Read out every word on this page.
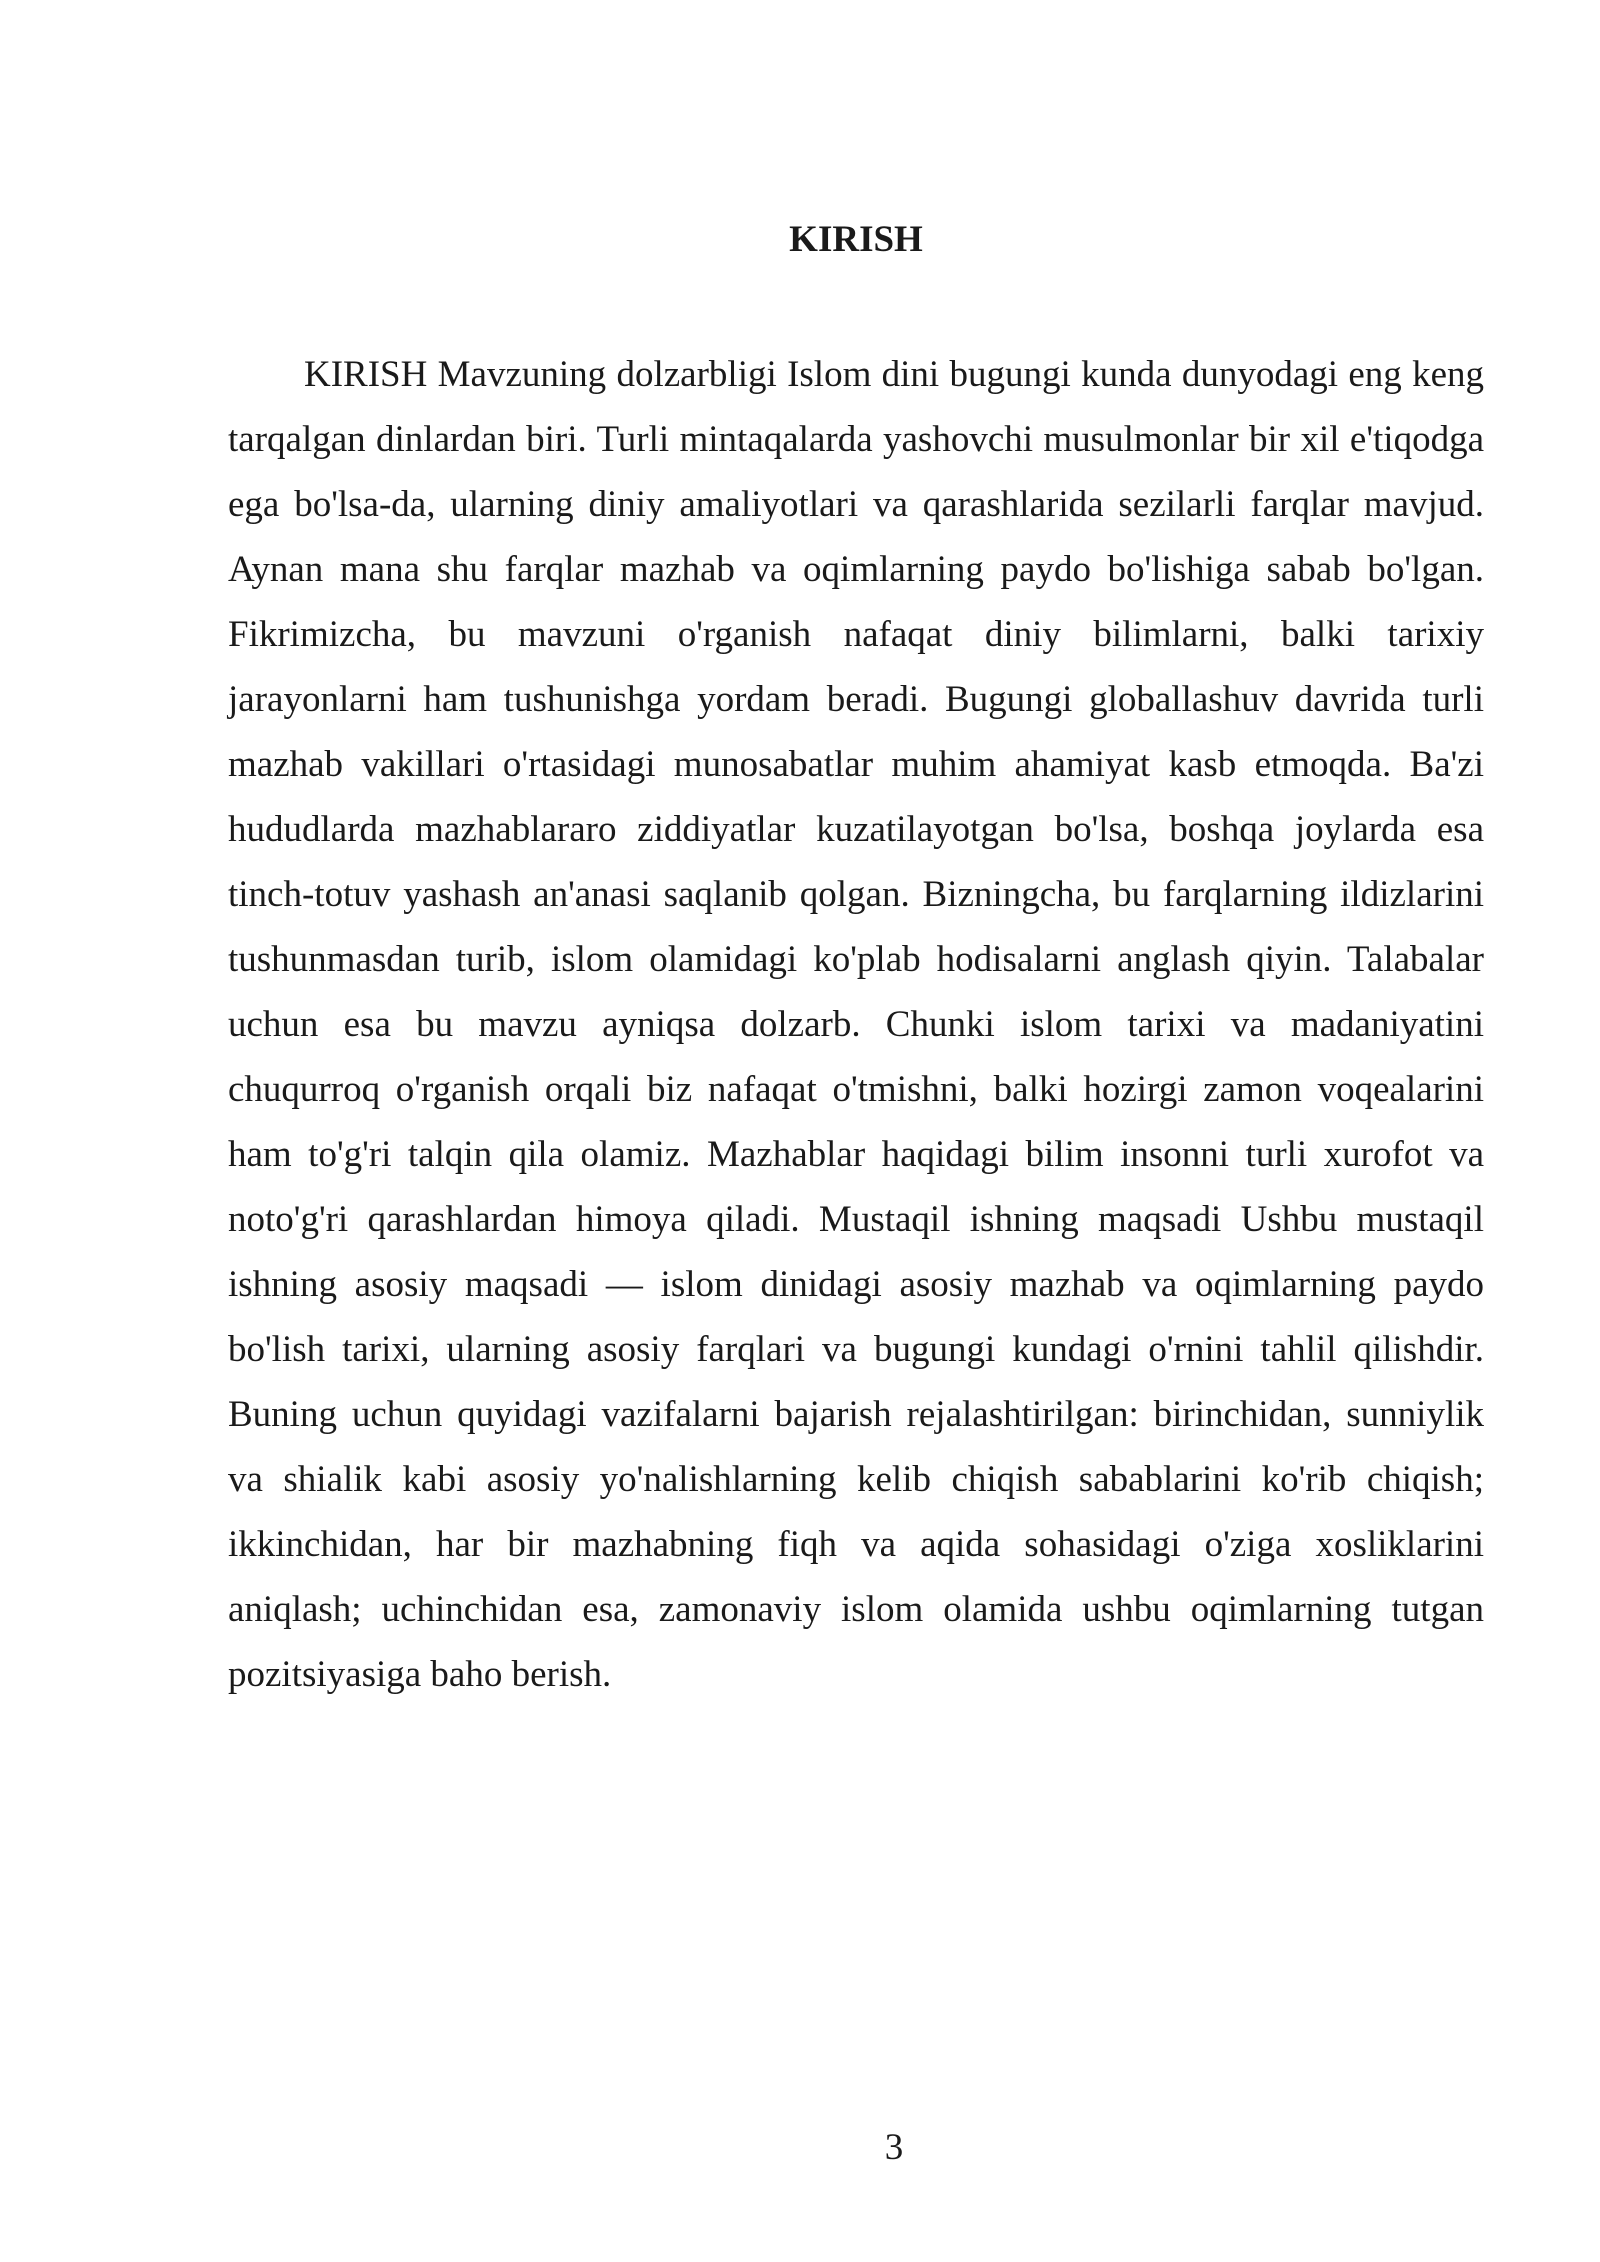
KIRISH

KIRISH Mavzuning dolzarbligi Islom dini bugungi kunda dunyodagi eng keng tarqalgan dinlardan biri. Turli mintaqalarda yashovchi musulmonlar bir xil e'tiqodga ega bo'lsa-da, ularning diniy amaliyotlari va qarashlarida sezilarli farqlar mavjud. Aynan mana shu farqlar mazhab va oqimlarning paydo bo'lishiga sabab bo'lgan. Fikrimizcha, bu mavzuni o'rganish nafaqat diniy bilimlarni, balki tarixiy jarayonlarni ham tushunishga yordam beradi. Bugungi globallashuv davrida turli mazhab vakillari o'rtasidagi munosabatlar muhim ahamiyat kasb etmoqda. Ba'zi hududlarda mazhablararo ziddiyatlar kuzatilayotgan bo'lsa, boshqa joylarda esa tinch-totuv yashash an'anasi saqlanib qolgan. Bizningcha, bu farqlarning ildizlarini tushunmasdan turib, islom olamidagi ko'plab hodisalarni anglash qiyin. Talabalar uchun esa bu mavzu ayniqsa dolzarb. Chunki islom tarixi va madaniyatini chuqurroq o'rganish orqali biz nafaqat o'tmishni, balki hozirgi zamon voqealarini ham to'g'ri talqin qila olamiz. Mazhablar haqidagi bilim insonni turli xurofot va noto'g'ri qarashlardan himoya qiladi. Mustaqil ishning maqsadi Ushbu mustaqil ishning asosiy maqsadi — islom dinidagi asosiy mazhab va oqimlarning paydo bo'lish tarixi, ularning asosiy farqlari va bugungi kundagi o'rnini tahlil qilishdir. Buning uchun quyidagi vazifalarni bajarish rejalashtirilgan: birinchidan, sunniylik va shialik kabi asosiy yo'nalishlarning kelib chiqish sabablarini ko'rib chiqish; ikkinchidan, har bir mazhabning fiqh va aqida sohasidagi o'ziga xosliklarini aniqlash; uchinchidan esa, zamonaviy islom olamida ushbu oqimlarning tutgan pozitsiyasiga baho berish.

3
